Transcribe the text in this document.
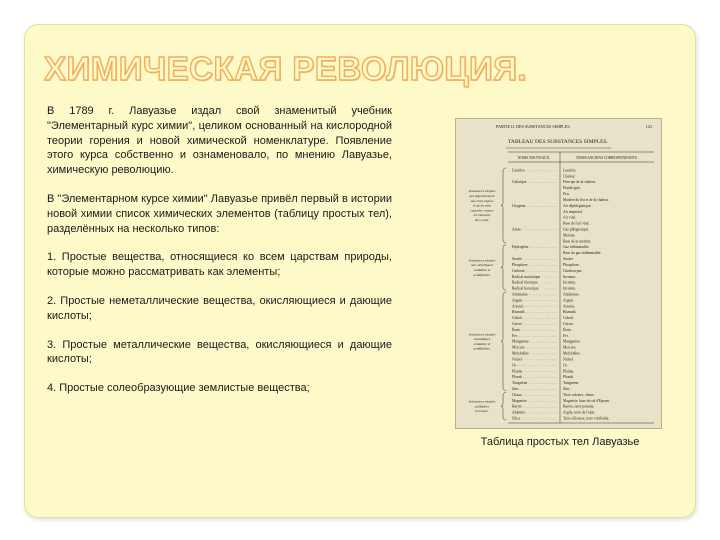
ХИМИЧЕСКАЯ РЕВОЛЮЦИЯ.

В 1789 г. Лавуазье издал свой знаменитый учебник "Элементарный курс химии", целиком основанный на кислородной теории горения и новой химической номенклатуре. Появление этого курса собственно и ознаменовало, по мнению Лавуазье, химическую революцию.

В "Элементарном курсе химии" Лавуазье привёл первый в истории новой химии список химических элементов (таблицу простых тел), разделённых на несколько типов:

1. Простые вещества, относящиеся ко всем царствам природы, которые можно рассматривать как элементы;

2. Простые неметаллические вещества, окисляющиеся и дающие кислоты;

3. Простые металлические вещества, окисляющиеся и дающие кислоты;

4. Простые солеобразующие землистые вещества;

PARTIE II. DES SUBSTANCES SIMPLES.	123
TABLEAU DES SUBSTANCES SIMPLES.
NOMS NOUVEAUX.	NOMS ANCIENS CORRESPONDANTS.
Lumière	Lumière.
Chaleur.
Calorique	Principe de la chaleur.
Fluide igné.
Feu.
Matière du feu et de la chaleur.
Oxygène	Air déphlogistiqué.
Air empiréal.
Air vital.
Base de l'air vital.
Azote	Gaz phlogistiqué.
Mofette.
Base de la mofette.
Hydrogène	Gaz inflammable.
Base du gaz inflammable.
Soufre	Soufre.
Phosphore	Phosphore.
Carbone	Charbon pur.
Radical muriatique	Inconnu.
Radical fluorique	Inconnu.
Radical boracique	Inconnu.
Antimoine	Antimoine.
Argent	Argent.
Arsenic	Arsenic.
Bismuth	Bismuth.
Cobalt	Cobolt.
Cuivre	Cuivre.
Étain	Étain.
Fer	Fer.
Manganèse	Manganèse.
Mercure	Mercure.
Molybdène	Molybdène.
Nickel	Nickel.
Or	Or.
Platine	Platine.
Plomb	Plomb.
Tungstène	Tungstène.
Zinc	Zinc.
Chaux	Terre calcaire, chaux.
Magnésie	Magnésie, base du sel d'Epsom.
Baryte	Barote, terre pesante.
Alumine	Argile, terre de l'alun.
Silice	Terre siliceuse, terre vitrifiable.
Substances simples
qui appartiennent
aux trois règnes
et qu'on peut
regarder comme
les éléments
des corps.
Substances simples
non métalliques
oxidables et
acidifiables.
Substances simples
métalliques
oxidables et
acidifiables.
Substances simples
salifiables
terreuses.
Таблица простых тел Лавуазье
